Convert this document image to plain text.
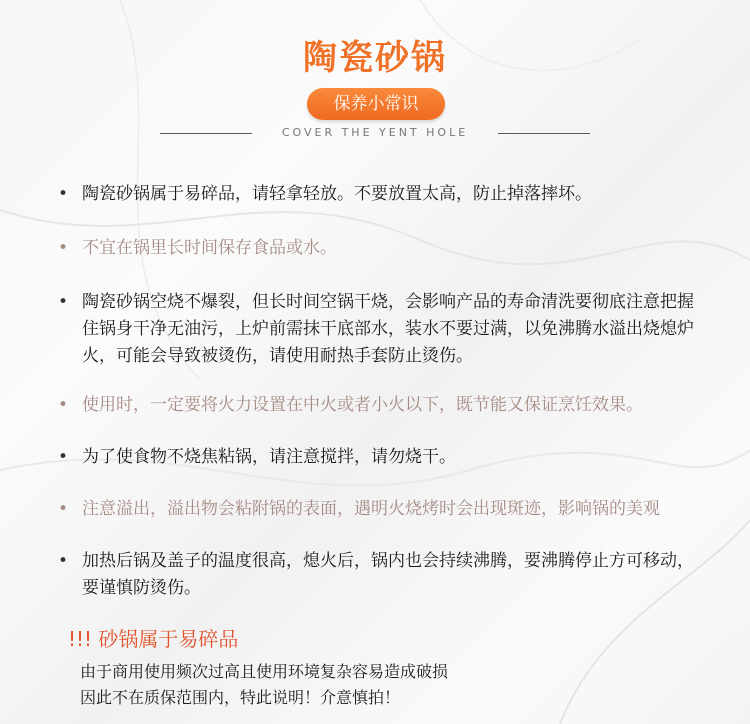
陶瓷砂锅
保养小常识
COVER THE YENT HOLE
• 陶瓷砂锅属于易碎品，请轻拿轻放。不要放置太高，防止掉落摔坏。
• 不宜在锅里长时间保存食品或水。
• 陶瓷砂锅空烧不爆裂，但长时间空锅干烧，会影响产品的寿命清洗要彻底注意把握住锅身干净无油污，上炉前需抹干底部水，装水不要过满，以免沸腾水溢出烧熄炉火，可能会导致被烫伤，请使用耐热手套防止烫伤。
• 使用时，一定要将火力设置在中火或者小火以下，既节能又保证烹饪效果。
• 为了使食物不烧焦粘锅，请注意搅拌，请勿烧干。
• 注意溢出，溢出物会粘附锅的表面，遇明火烧烤时会出现斑迹，影响锅的美观
• 加热后锅及盖子的温度很高，熄火后，锅内也会持续沸腾，要沸腾停止方可移动，要谨慎防烫伤。
!!! 砂锅属于易碎品
由于商用使用频次过高且使用环境复杂容易造成破损
因此不在质保范围内，特此说明！介意慎拍！
